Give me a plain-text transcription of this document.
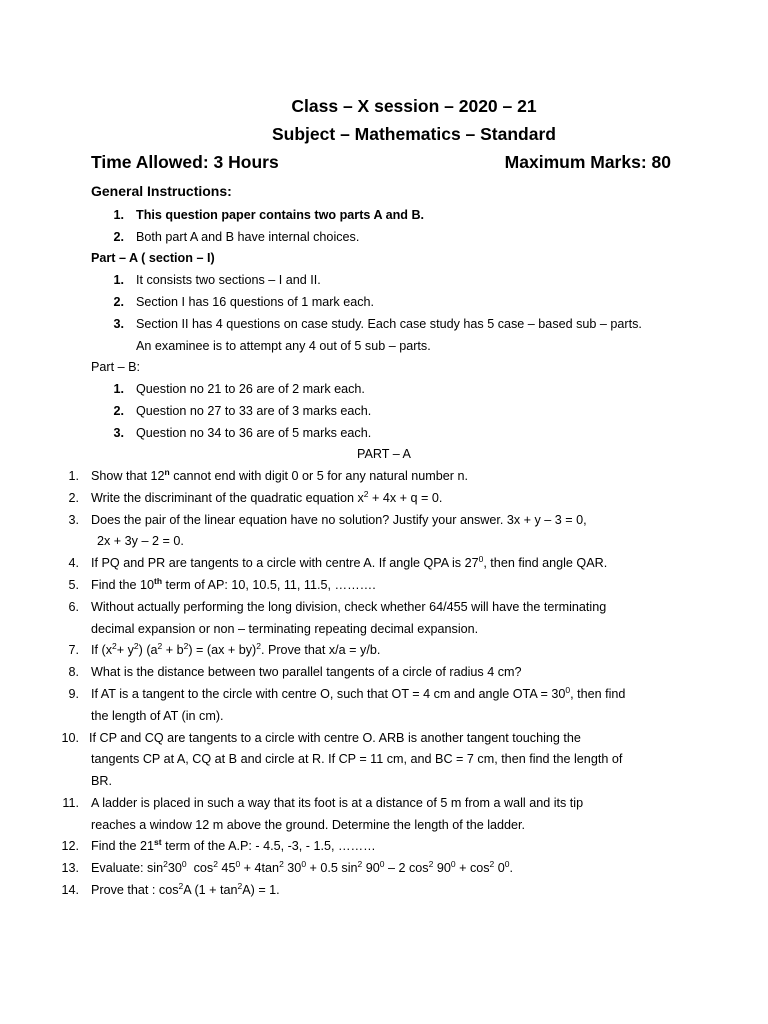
Class – X session – 2020 – 21
Subject – Mathematics – Standard
Time Allowed: 3 Hours	Maximum Marks: 80
General Instructions:
1. This question paper contains two parts A and B.
2. Both part A and B have internal choices.
Part – A ( section – I)
1. It consists two sections – I and II.
2. Section I has 16 questions of 1 mark each.
3. Section II has 4 questions on case study. Each case study has 5 case – based sub – parts.
An examinee is to attempt any 4 out of 5 sub – parts.
Part – B:
1. Question no 21 to 26 are of 2 mark each.
2. Question no 27 to 33 are of 3 marks each.
3. Question no 34 to 36 are of 5 marks each.
PART – A
1. Show that 12$^n$ cannot end with digit 0 or 5 for any natural number n.
2. Write the discriminant of the quadratic equation $x^2 + 4x + q = 0$.
3. Does the pair of the linear equation have no solution? Justify your answer. 3x + y – 3 = 0,
2x + 3y – 2 = 0.
4. If PQ and PR are tangents to a circle with centre A. If angle QPA is $27^0$, then find angle QAR.
5. Find the 10th term of AP: 10, 10.5, 11, 11.5, ……….
6. Without actually performing the long division, check whether 64/455 will have the terminating
decimal expansion or non – terminating repeating decimal expansion.
7. If $(x^2+ y^2) (a^2 + b^2) = (ax + by)^2$. Prove that x/a = y/b.
8. What is the distance between two parallel tangents of a circle of radius 4 cm?
9. If AT is a tangent to the circle with centre O, such that OT = 4 cm and angle OTA = $30^0$, then find
the length of AT (in cm).
10. If CP and CQ are tangents to a circle with centre O. ARB is another tangent touching the
tangents CP at A, CQ at B and circle at R. If CP = 11 cm, and BC = 7 cm, then find the length of
BR.
11. A ladder is placed in such a way that its foot is at a distance of 5 m from a wall and its tip
reaches a window 12 m above the ground. Determine the length of the ladder.
12. Find the 21st term of the A.P: - 4.5, -3, - 1.5, ………
13. Evaluate: $\sin^230^0$  $\cos^2 45^0 + 4\tan^2$ $30^0 + 0.5$ $\sin^2 90^0 - 2$ $\cos^2 90^0 + \cos^2 0^0$.
14. Prove that : $\cos^2A$ $(1 + \tan^2A) = 1$.
